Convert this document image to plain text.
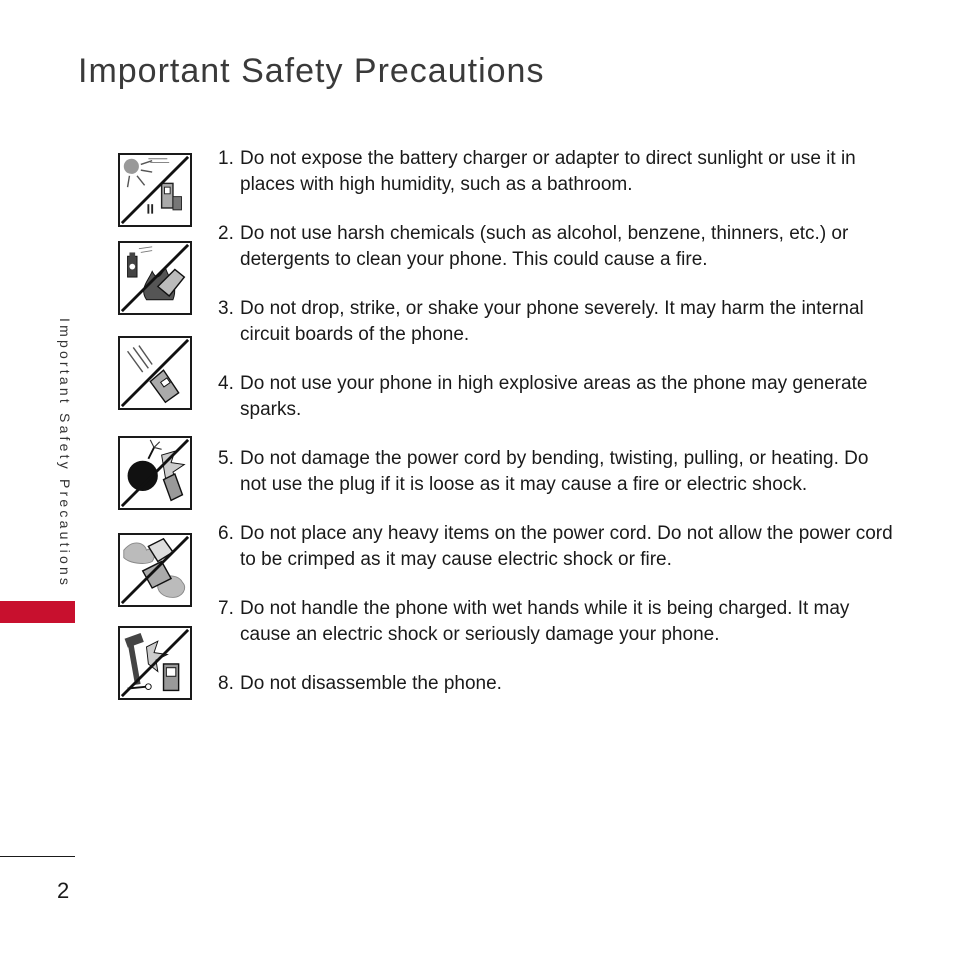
Important Safety Precautions
Important Safety Precautions
1. Do not expose the battery charger or adapter to direct sunlight or use it in places with high humidity, such as a bathroom.
2. Do not use harsh chemicals (such as alcohol, benzene, thinners, etc.) or detergents to clean your phone. This could cause a fire.
3. Do not drop, strike, or shake your phone severely. It may harm the internal circuit boards of the phone.
4. Do not use your phone in high explosive areas as the phone may generate sparks.
5. Do not damage the power cord by bending, twisting, pulling, or heating. Do not use the plug if it is loose as it may cause a fire or electric shock.
6. Do not place any heavy items on the power cord. Do not allow the power cord to be crimped as it may cause electric shock or fire.
7. Do not handle the phone with wet hands while it is being charged. It may cause an electric shock or seriously damage your phone.
8. Do not disassemble the phone.
2
